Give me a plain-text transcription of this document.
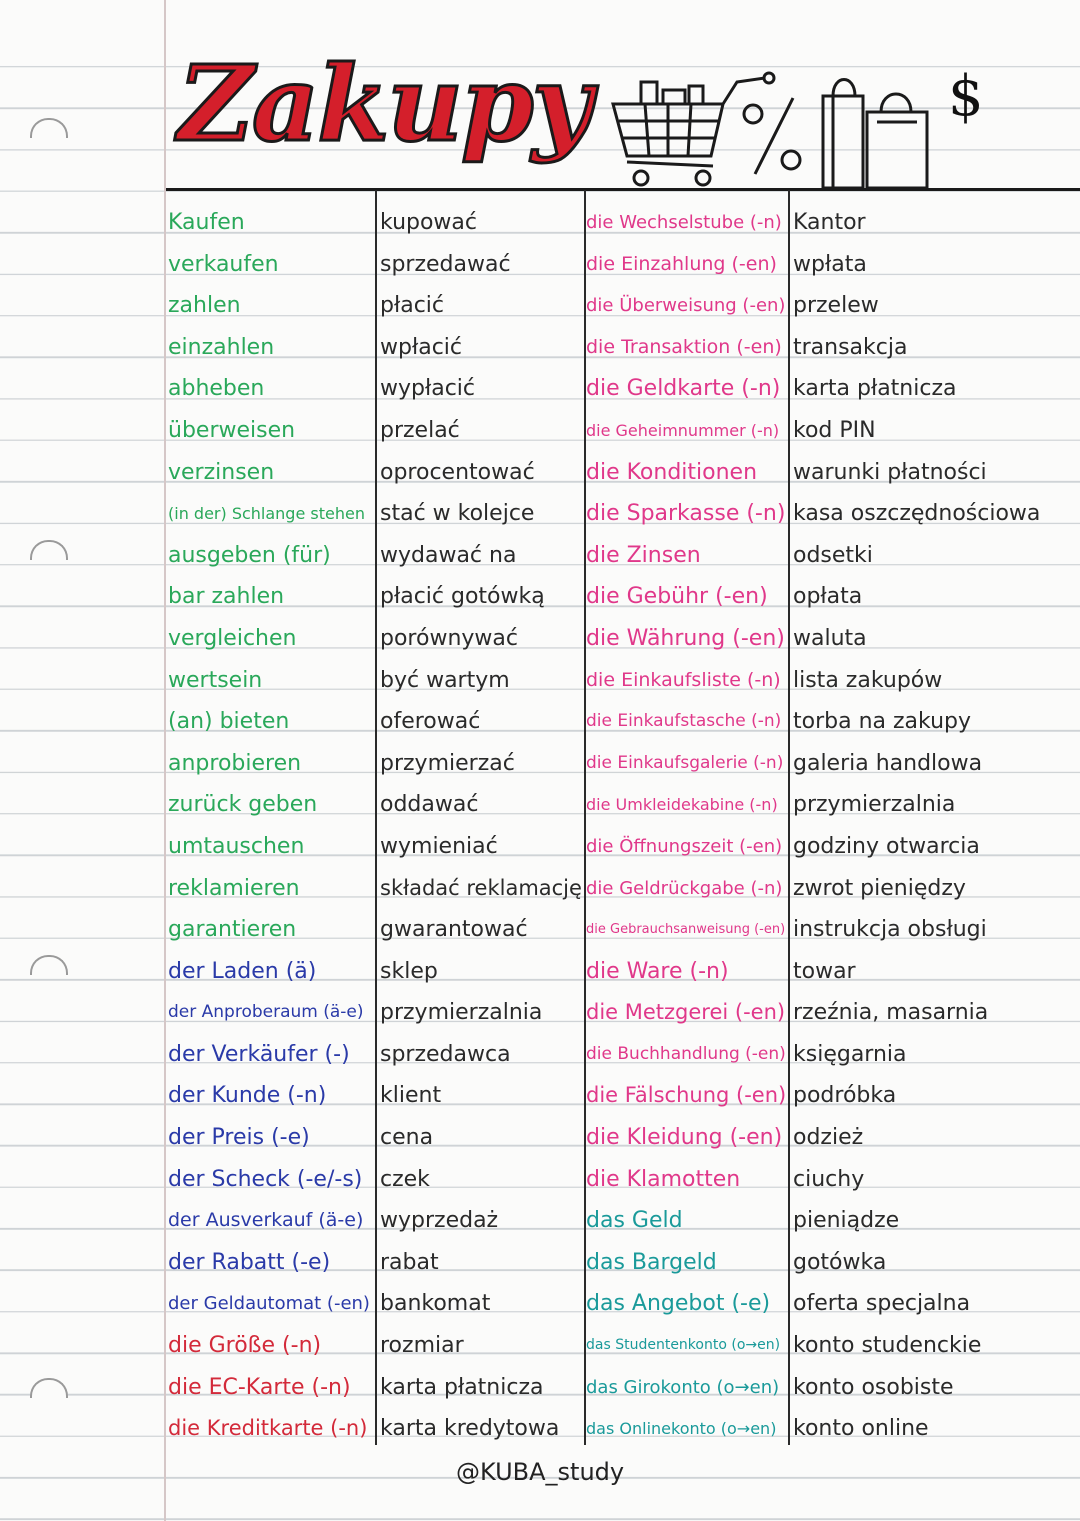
Zakupy	$
Kaufen
verkaufen
zahlen
einzahlen
abheben
überweisen
verzinsen
(in der) Schlange stehen
ausgeben (für)
bar zahlen
vergleichen
wertsein
(an) bieten
anprobieren
zurück geben
umtauschen
reklamieren
garantieren
der Laden (ä)
der Anproberaum (ä-e)
der Verkäufer (-)
der Kunde (-n)
der Preis (-e)
der Scheck (-e/-s)
der Ausverkauf (ä-e)
der Rabatt (-e)
der Geldautomat (-en)
die Größe (-n)
die EC-Karte (-n)
die Kreditkarte (-n)
kupować
sprzedawać
płacić
wpłacić
wypłacić
przelać
oprocentować
stać w kolejce
wydawać na
płacić gotówką
porównywać
być wartym
oferować
przymierzać
oddawać
wymieniać
składać reklamację
gwarantować
sklep
przymierzalnia
sprzedawca
klient
cena
czek
wyprzedaż
rabat
bankomat
rozmiar
karta płatnicza
karta kredytowa
die Wechselstube (-n)
die Einzahlung (-en)
die Überweisung (-en)
die Transaktion (-en)
die Geldkarte (-n)
die Geheimnummer (-n)
die Konditionen
die Sparkasse (-n)
die Zinsen
die Gebühr (-en)
die Währung (-en)
die Einkaufsliste (-n)
die Einkaufstasche (-n)
die Einkaufsgalerie (-n)
die Umkleidekabine (-n)
die Öffnungszeit (-en)
die Geldrückgabe (-n)
die Gebrauchsanweisung (-en)
die Ware (-n)
die Metzgerei (-en)
die Buchhandlung (-en)
die Fälschung (-en)
die Kleidung (-en)
die Klamotten
das Geld
das Bargeld
das Angebot (-e)
das Studentenkonto (o→en)
das Girokonto (o→en)
das Onlinekonto (o→en)
Kantor
wpłata
przelew
transakcja
karta płatnicza
kod PIN
warunki płatności
kasa oszczędnościowa
odsetki
opłata
waluta
lista zakupów
torba na zakupy
galeria handlowa
przymierzalnia
godziny otwarcia
zwrot pieniędzy
instrukcja obsługi
towar
rzeźnia, masarnia
księgarnia
podróbka
odzież
ciuchy
pieniądze
gotówka
oferta specjalna
konto studenckie
konto osobiste
konto online
@KUBA_study
